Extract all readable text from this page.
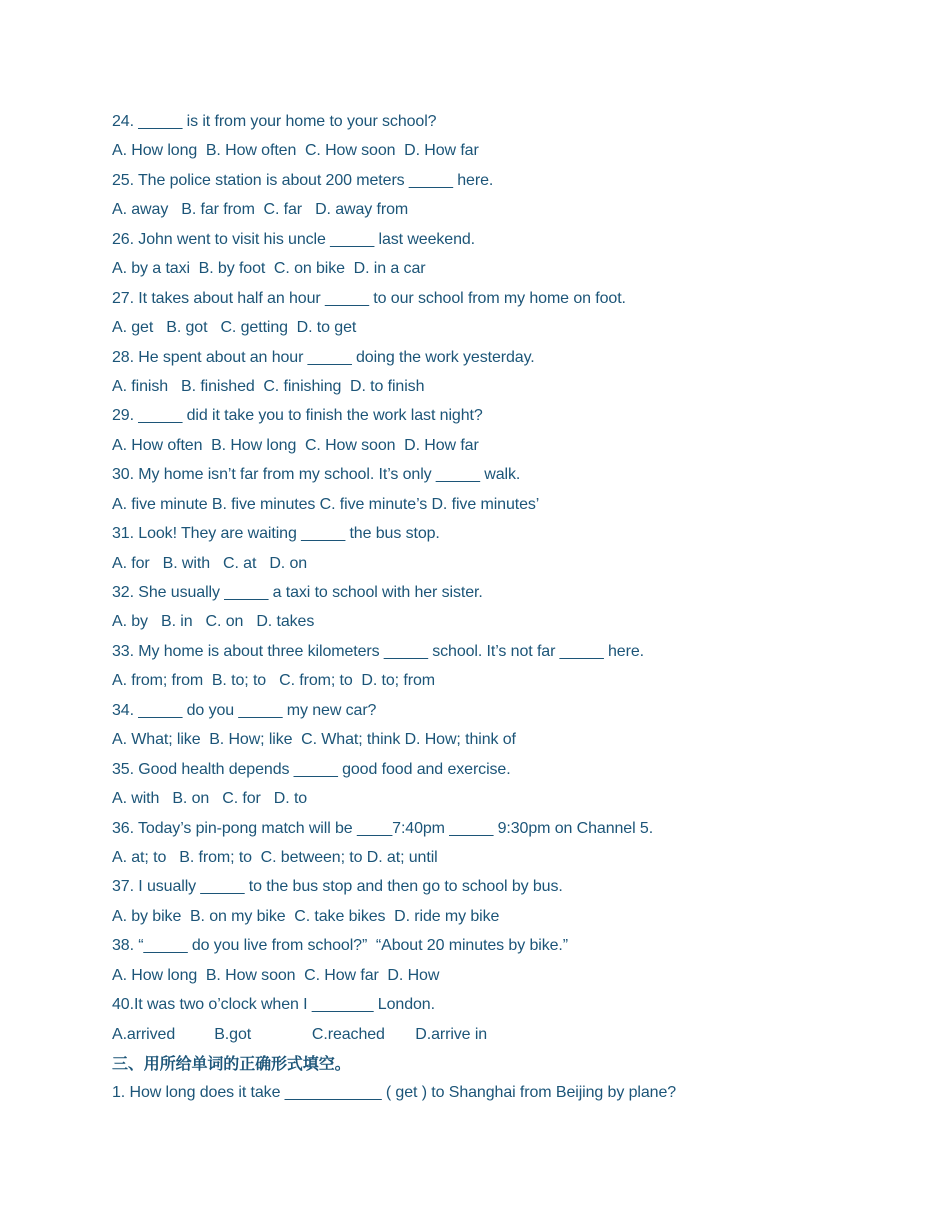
24. _____ is it from your home to your school?
A. How long  B. How often  C. How soon  D. How far
25. The police station is about 200 meters _____ here.
A. away   B. far from  C. far   D. away from
26. John went to visit his uncle _____ last weekend.
A. by a taxi  B. by foot  C. on bike  D. in a car
27. It takes about half an hour _____ to our school from my home on foot.
A. get   B. got   C. getting  D. to get
28. He spent about an hour _____ doing the work yesterday.
A. finish   B. finished  C. finishing  D. to finish
29. _____ did it take you to finish the work last night?
A. How often  B. How long  C. How soon  D. How far
30. My home isn’t far from my school. It’s only _____ walk.
A. five minute B. five minutes C. five minute’s D. five minutes’
31. Look! They are waiting _____ the bus stop.
A. for   B. with   C. at   D. on
32. She usually _____ a taxi to school with her sister.
A. by   B. in   C. on   D. takes
33. My home is about three kilometers _____ school. It’s not far _____ here.
A. from; from  B. to; to   C. from; to  D. to; from
34. _____ do you _____ my new car?
A. What; like  B. How; like  C. What; think D. How; think of
35. Good health depends _____ good food and exercise.
A. with   B. on   C. for   D. to
36. Today’s pin-pong match will be ____7:40pm _____ 9:30pm on Channel 5.
A. at; to   B. from; to  C. between; to D. at; until
37. I usually _____ to the bus stop and then go to school by bus.
A. by bike  B. on my bike  C. take bikes  D. ride my bike
38. “_____ do you live from school?”  “About 20 minutes by bike.”
A. How long  B. How soon  C. How far  D. How
40.It was two o’clock when I _______ London.
A.arrived         B.got              C.reached       D.arrive in
三、用所给单词的正确形式填空。
1. How long does it take ___________ ( get ) to Shanghai from Beijing by plane?
